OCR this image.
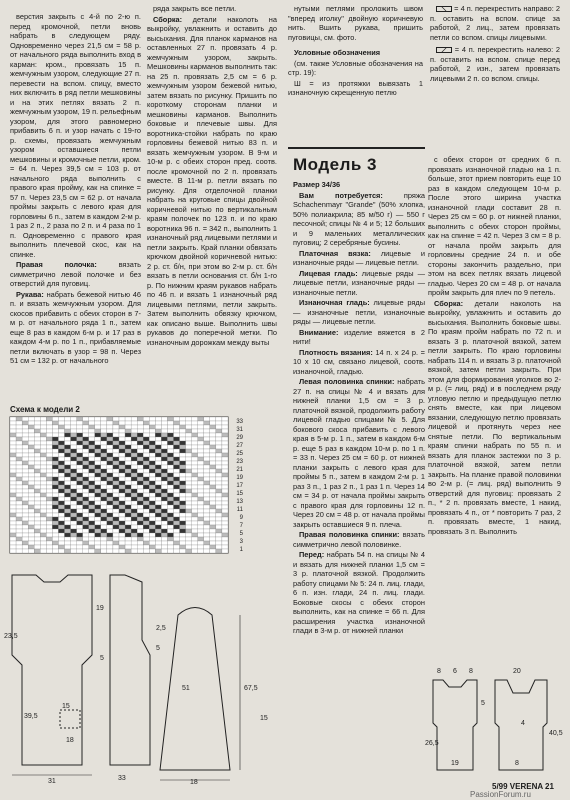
верстия закрыть с 4-й по 2-ю п. перед кромочной, петли вновь набрать в следующем ряду. Одновременно через 21,5 см = 58 р. от начального ряда выполнить вход в карман: кром., провязать 15 п. жемчужным узором, следующие 27 п. перевести на вспом. спицу, вместо них включить в ряд петли мешковины и на этих петлях вязать 2 п. жемчужным узором, 19 п. рельефным узором, для этого равномерно прибавить 6 п. и узор начать с 19-го р. схемы, провязать жемчужным узором оставшиеся петли мешковины и кромочные петли, кром. = 64 п. Через 39,5 см = 103 р. от начального ряда выполнить с правого края пройму, как на спинке = 57 п. Через 23,5 см = 62 р. от начала проймы закрыть с левого края для горловины 6 п., затем в каждом 2-м р. 1 раз 2 п., 2 раза по 2 п. и 4 раза по 1 п. Одновременно с правого края выполнить плечевой скос, как на спинке.

Правая полочка:	вязать симметрично левой полочке и без отверстий для пуговиц.

Рукава: набрать бежевой нитью 46 п. и вязать жемчужным узором. Для скосов прибавить с обеих сторон в 7-м р. от начального ряда 1 п., затем еще 8 раз в каждом 6-м р. и 17 раз в каждом 4-м р. по 1 п., прибавляемые петли включать в узор = 98 п. Через 51 см = 132 р. от начального

ряда закрыть все петли.

Сборка: детали наколоть на выкройку, увлажнить и оставить до высыхания. Для планок карманов на оставленных 27 п. провязать 4 р. жемчужным узором, закрыть. Мешковины карманов выполнить так: на 25 п. провязать 2,5 см = 6 р. жемчужным узором бежевой нитью, затем вязать по рисунку. Пришить по короткому сторонам планки и мешковины карманов. Выполнить боковые и плечевые швы. Для воротника-стойки набрать по краю горловины бежевой нитью 83 п. и вязать жемчужным узором. В 9-м и 10-м р. с обеих сторон пред. соотв. после кромочной по 2 п. провязать вместе. В 11-м р. петли вязать по рисунку. Для отделочной планки набрать на круговые спицы двойной коричневой нитью по вертикальным краям полочек по 123 п. и по краю воротника 96 п. = 342 п., выполнить 1 изнаночный ряд лицевыми петлями и петли закрыть. Край планки обвязать крючком двойной коричневой нитью: 2 р. ст. б/н, при этом во 2-м р. ст. б/н вязать в петли основания ст. б/н 1-го р. По нижним краям рукавов набрать по 46 п. и вязать 1 изнаночный ряд лицевыми петлями, петли закрыть. Затем выполнить обвязку крючком, как описано выше. Выполнить швы рукавов до поперечной метки. По изнаночным дорожкам между выты

нутыми петлями проложить швом "вперед иголку" двойную коричневую нить. Вшить рукава, пришить пуговицы, см. фото.

Условные обозначения

(см. также Условные обозначения на стр. 19):

Ш = из протяжки вывязать 1 изнаночную скрещенную петлю

Модель 3

Размер 34/36

Вам потребуется:	пряжа Schachenmayr "Grande" (50% хлопка, 50% полиакрила; 85 м/50 г) — 550 г песочной; спицы № 4 и 5; 12 больших и 9 маленьких металлических пуговиц; 2 серебряные бусины.

Платочная вязка: лицевые и изнаночные ряды — лицевые петли.

Лицевая гладь: лицевые ряды — лицевые петли, изнаночные ряды — изнаночные петли.

Изнаночная гладь: лицевые ряды — изнаночные петли, изнаночные ряды — лицевые петли.

Внимание: изделие вяжется в 2 нити!

Плотность вязания: 14 п. х 24 р. = 10 х 10 см, связано лицевой, соотв. изнаночной, гладью.

Левая половинка спинки: набрать 27 п. на спицы № 4 и вязать для нижней планки 1,5 см = 3 р. платочной вязкой, продолжить работу лицевой гладью спицами № 5. Для бокового скоса прибавить с левого края в 5-м р. 1 п., затем в каждом 6-м р. еще 5 раз в каждом 10-м р. по 1 п. = 33 п. Через 25 см = 60 р. от нижней планки закрыть с левого края для проймы 5 п., затем в каждом 2-м р. 1 раз 3 п., 1 раз 2 п., 1 раз 1 п. Через 14 см = 34 р. от начала проймы закрыть с правого края для горловины 12 п. Через 20 см = 48 р. от начала проймы закрыть оставшиеся 9 п. плеча.

Правая половинка спинки: вязать симметрично левой половинке.

Перед: набрать 54 п. на спицы № 4 и вязать для нижней планки 1,5 см = 3 р. платочной вязкой. Продолжить работу спицами № 5: 24 п. лиц. глади, 6 п. изн. глади, 24 п. лиц. глади. Боковые скосы с обеих сторон выполнить, как на спинке = 66 п. Для расширения участка изнаночной глади в 3-м р. от нижней планки

= 4 п. перекрестить направо: 2 п. оставить на вспом. спице за работой, 2 лиц., затем провязать петли со вспом. спицы лицевыми.

= 4 п. перекрестить налево: 2 п. оставить на вспом. спице перед работой, 2 изн., затем провязать лицевыми 2 п. со вспом. спицы.

с обеих сторон от средних 6 п. провязать изнаночной гладью на 1 п. больше, этот прием повторить еще 10 раз в каждом следующем 10-м р. После этого ширина участка изнаночной глади составит 28 п. Через 25 см = 60 р. от нижней планки, выполнить с обеих сторон проймы, как на спинке = 42 п. Через 3 см = 8 р. от начала пройм закрыть для горловины средние 24 п. и обе стороны закончить раздельно, при этом на всех петлях вязать лицевой гладью. Через 20 см = 48 р. от начала пройм закрыть для плеч по 9 петель.

Сборка: детали наколоть на выкройку, увлажнить и оставить до высыхания. Выполнить боковые швы. По краям пройм набрать по 72 п. и вязать 3 р. платочной вязкой, затем петли закрыть. По краю горловины набрать 114 п. и вязать 3 р. платочной вязкой, затем петли закрыть. При этом для формирования уголков во 2-м р. (= лиц. ряд) и в последнем ряду угловую петлю и предыдущую петлю снять вместе, как при лицевом вязании, следующую петлю провязать лицевой и протянуть через нее снятые петли. По вертикальным краям спинки набрать по 55 п. и вязать для планок застежки по 3 р. платочной вязкой, затем петли закрыть. На планке правой половинки во 2-м р. (= лиц. ряд) выполнить 9 отверстий для пуговиц: провязать 2 п., * 2 п. провязать вместе, 1 накид, провязать 4 п., от * повторить 7 раз, 2 п. провязать вместе, 1 накид, провязать 3 п. Выполнить

Схема к модели 2
33
31
29
27
25
23
21
19
17
15
13
11
9
7
5
3
1
31
23,5
39,5
19
5
33
18
15
67,5
51
2,5
5
18
15
8 6 8	20
5
40,5
26,5
19
4
8
5/99 VERENA 21
PassionForum.ru
